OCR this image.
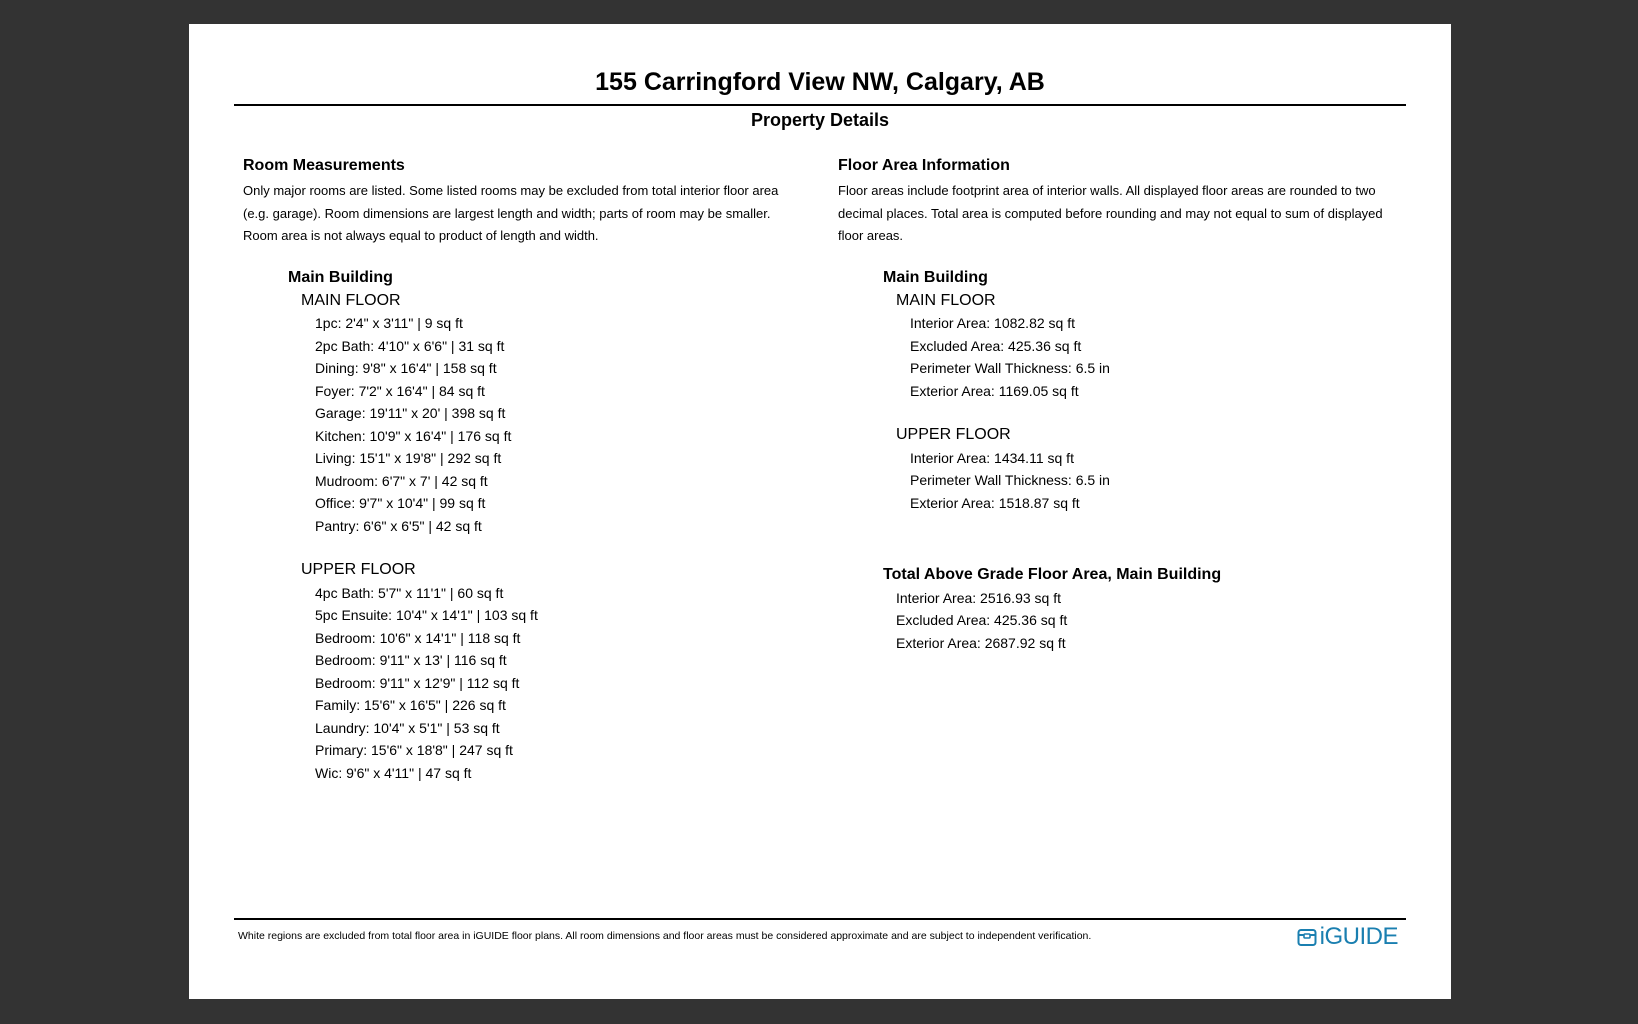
155 Carringford View NW, Calgary, AB
Property Details
Room Measurements
Only major rooms are listed. Some listed rooms may be excluded from total interior floor area
(e.g. garage). Room dimensions are largest length and width; parts of room may be smaller.
Room area is not always equal to product of length and width.
Main Building
MAIN FLOOR
1pc: 2'4" x 3'11" | 9 sq ft
2pc Bath: 4'10" x 6'6" | 31 sq ft
Dining: 9'8" x 16'4" | 158 sq ft
Foyer: 7'2" x 16'4" | 84 sq ft
Garage: 19'11" x 20' | 398 sq ft
Kitchen: 10'9" x 16'4" | 176 sq ft
Living: 15'1" x 19'8" | 292 sq ft
Mudroom: 6'7" x 7' | 42 sq ft
Office: 9'7" x 10'4" | 99 sq ft
Pantry: 6'6" x 6'5" | 42 sq ft
UPPER FLOOR
4pc Bath: 5'7" x 11'1" | 60 sq ft
5pc Ensuite: 10'4" x 14'1" | 103 sq ft
Bedroom: 10'6" x 14'1" | 118 sq ft
Bedroom: 9'11" x 13' | 116 sq ft
Bedroom: 9'11" x 12'9" | 112 sq ft
Family: 15'6" x 16'5" | 226 sq ft
Laundry: 10'4" x 5'1" | 53 sq ft
Primary: 15'6" x 18'8" | 247 sq ft
Wic: 9'6" x 4'11" | 47 sq ft
Floor Area Information
Floor areas include footprint area of interior walls. All displayed floor areas are rounded to two
decimal places. Total area is computed before rounding and may not equal to sum of displayed
floor areas.
Main Building
MAIN FLOOR
Interior Area: 1082.82 sq ft
Excluded Area: 425.36 sq ft
Perimeter Wall Thickness: 6.5 in
Exterior Area: 1169.05 sq ft
UPPER FLOOR
Interior Area: 1434.11 sq ft
Perimeter Wall Thickness: 6.5 in
Exterior Area: 1518.87 sq ft
Total Above Grade Floor Area, Main Building
Interior Area: 2516.93 sq ft
Excluded Area: 425.36 sq ft
Exterior Area: 2687.92 sq ft
White regions are excluded from total floor area in iGUIDE floor plans. All room dimensions and floor areas must be considered approximate and are subject to independent verification.	iGUIDE
